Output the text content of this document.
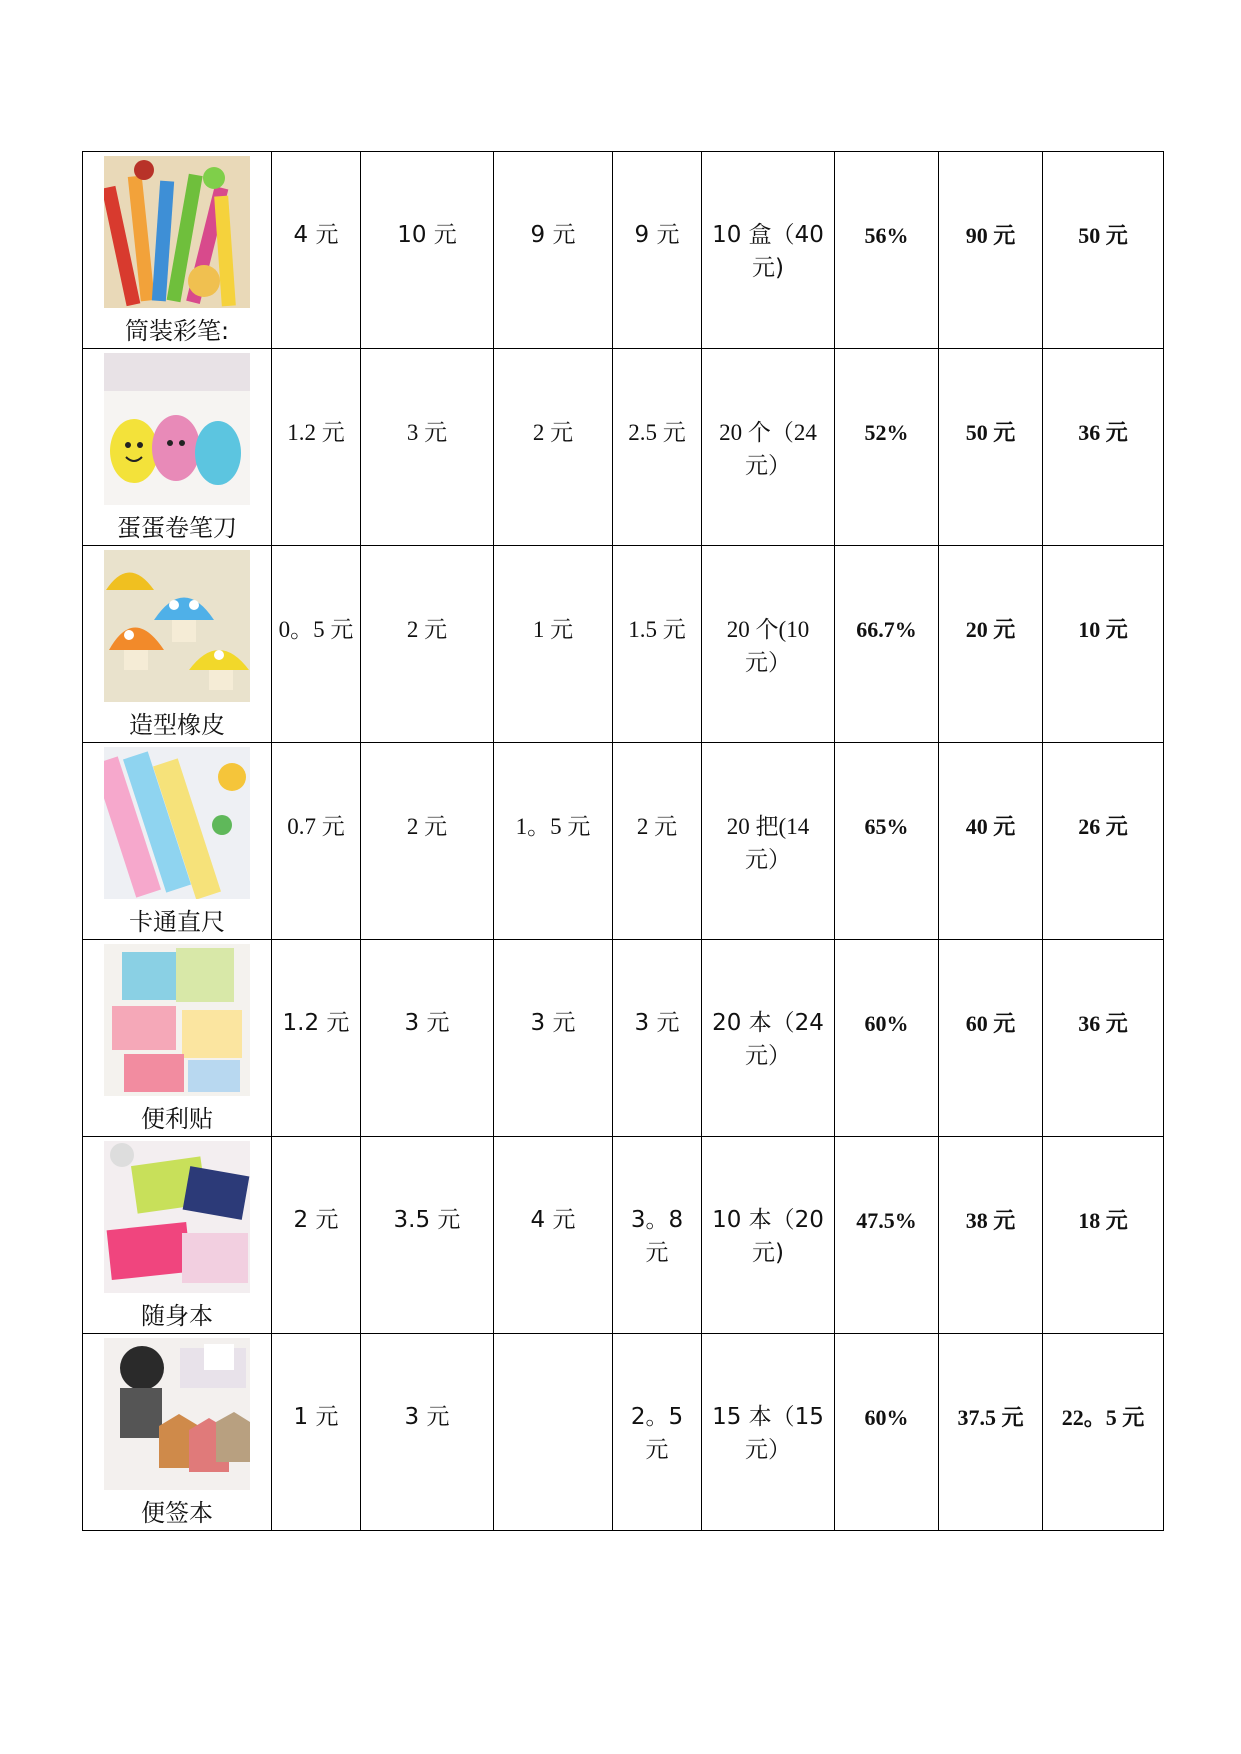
筒装彩笔:	4 元	10 元	9 元	9 元	10 盒（40 元)	56%	90 元	50 元

蛋蛋卷笔刀	1.2 元	3 元	2 元	2.5 元	20 个（24 元）	52%	50 元	36 元

造型橡皮	0。5 元	2 元	1 元	1.5 元	20 个(10 元）	66.7%	20 元	10 元

卡通直尺	0.7 元	2 元	1。5 元	2 元	20 把(14 元）	65%	40 元	26 元

便利贴	1.2 元	3 元	3 元	3 元	20 本（24 元）	60%	60 元	36 元

随身本	2 元	3.5 元	4 元	3。8 元	10 本（20 元)	47.5%	38 元	18 元

便签本	1 元	3 元		2。5 元	15 本（15 元）	60%	37.5 元	22。5 元
